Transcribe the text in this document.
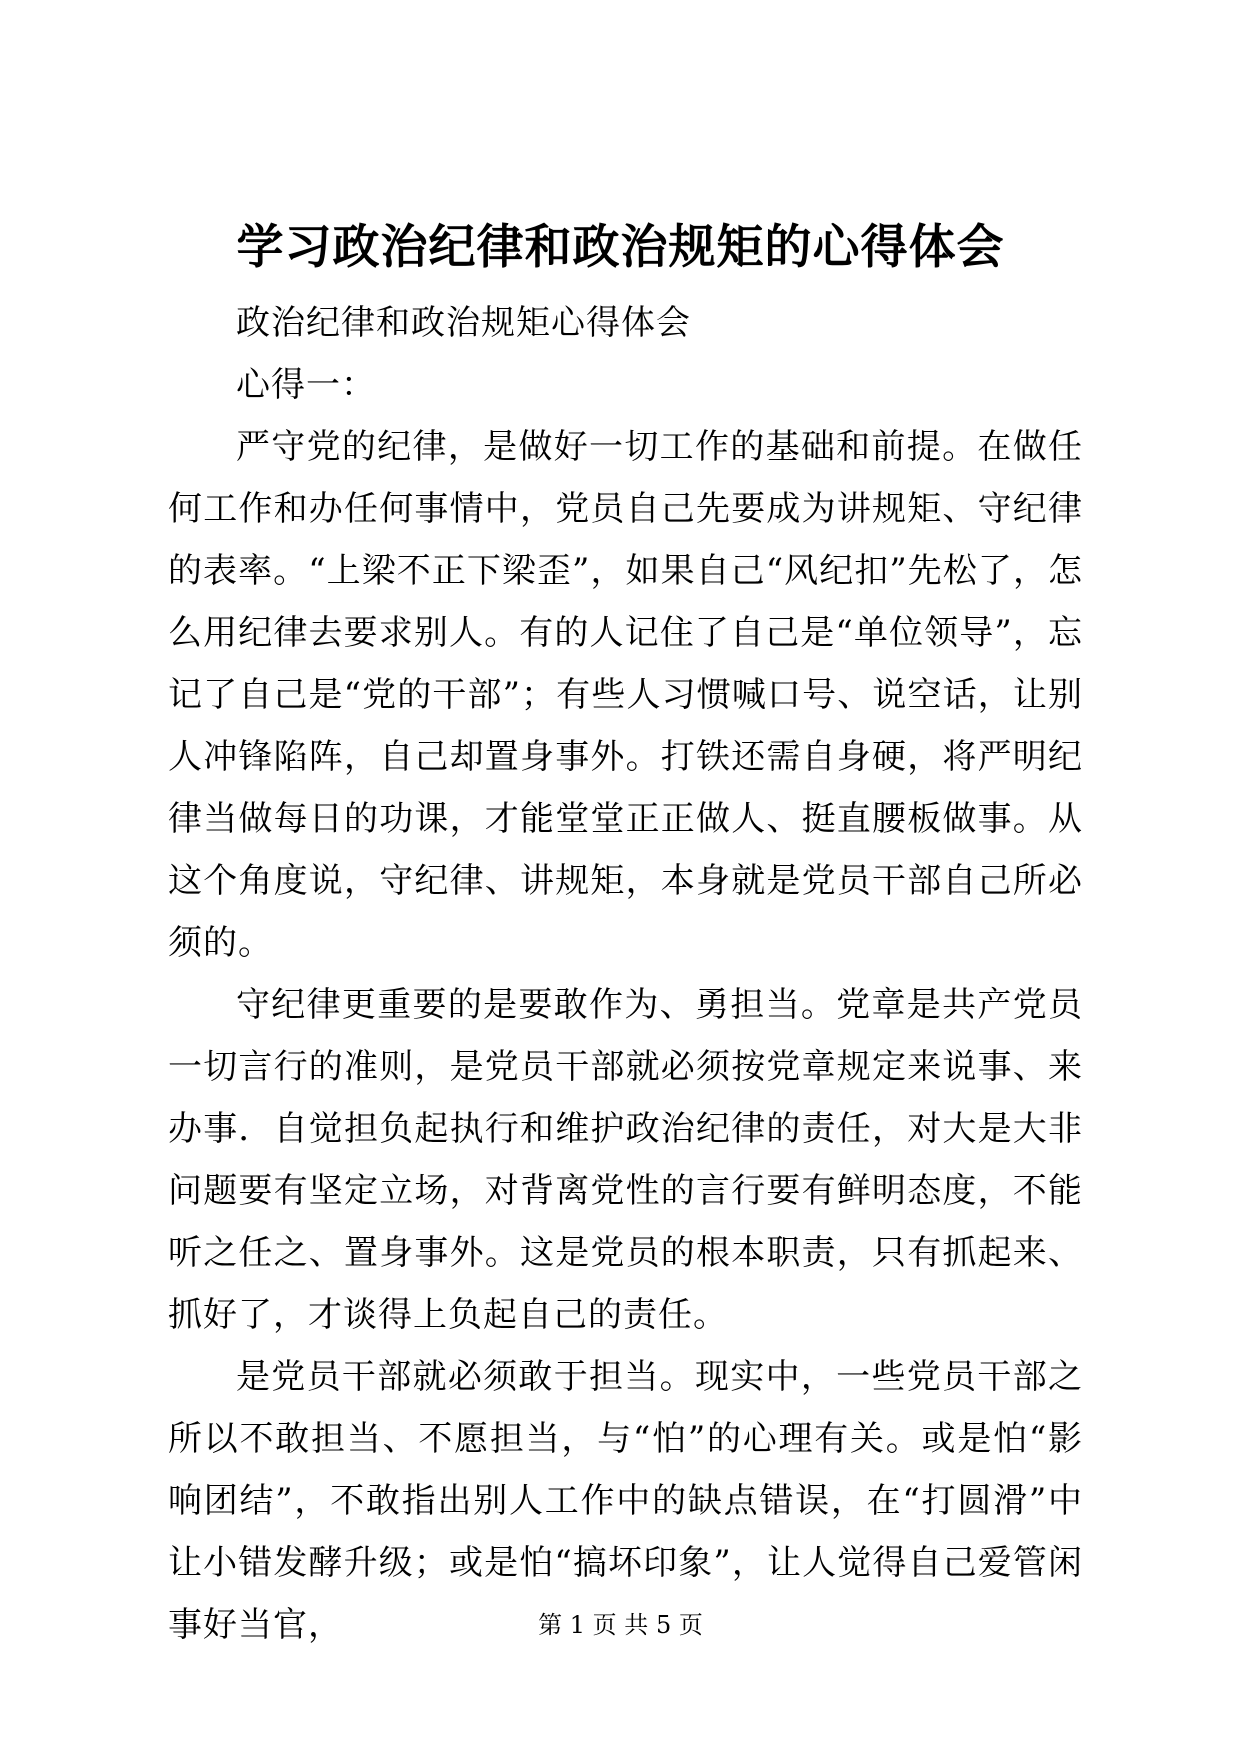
学习政治纪律和政治规矩的心得体会

政治纪律和政治规矩心得体会

心得一：

严守党的纪律，是做好一切工作的基础和前提。在做任何工作和办任何事情中，党员自己先要成为讲规矩、守纪律的表率。“上梁不正下梁歪”，如果自己“风纪扣”先松了，怎么用纪律去要求别人。有的人记住了自己是“单位领导”，忘记了自己是“党的干部”；有些人习惯喊口号、说空话，让别人冲锋陷阵，自己却置身事外。打铁还需自身硬，将严明纪律当做每日的功课，才能堂堂正正做人、挺直腰板做事。从这个角度说，守纪律、讲规矩，本身就是党员干部自己所必须的。

守纪律更重要的是要敢作为、勇担当。党章是共产党员一切言行的准则，是党员干部就必须按党章规定来说事、来办事．自觉担负起执行和维护政治纪律的责任，对大是大非问题要有坚定立场，对背离党性的言行要有鲜明态度，不能听之任之、置身事外。这是党员的根本职责，只有抓起来、抓好了，才谈得上负起自己的责任。

是党员干部就必须敢于担当。现实中，一些党员干部之所以不敢担当、不愿担当，与“怕”的心理有关。或是怕“影响团结”，不敢指出别人工作中的缺点错误，在“打圆滑”中让小错发酵升级；或是怕“搞坏印象”，让人觉得自己爱管闲事好当官，	第 1 页 共 5 页
